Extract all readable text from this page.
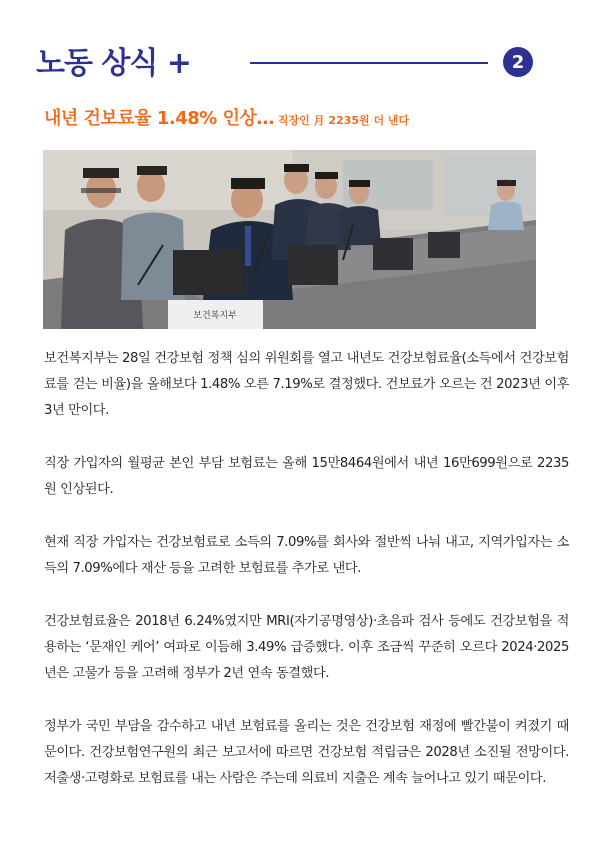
노동 상식 +	2
내년 건보료율 1.48% 인상… 직장인 月 2235원 더 낸다
보건복지부

보건복지부는 28일 건강보험 정책 심의 위원회를 열고 내년도 건강보험료율(소득에서 건강보험료를 걷는 비율)을 올해보다 1.48% 오른 7.19%로 결정했다. 건보료가 오르는 건 2023년 이후 3년 만이다.

직장 가입자의 월평균 본인 부담 보험료는 올해 15만8464원에서 내년 16만699원으로 2235원 인상된다.

현재 직장 가입자는 건강보험료로 소득의 7.09%를 회사와 절반씩 나눠 내고, 지역가입자는 소득의 7.09%에다 재산 등을 고려한 보험료를 추가로 낸다.

건강보험료율은 2018년 6.24%였지만 MRI(자기공명영상)·초음파 검사 등에도 건강보험을 적용하는 ‘문재인 케어’ 여파로 이듬해 3.49% 급증했다. 이후 조금씩 꾸준히 오르다 2024·2025년은 고물가 등을 고려해 정부가 2년 연속 동결했다.

정부가 국민 부담을 감수하고 내년 보험료를 올리는 것은 건강보험 재정에 빨간불이 켜졌기 때문이다. 건강보험연구원의 최근 보고서에 따르면 건강보험 적립금은 2028년 소진될 전망이다. 저출생·고령화로 보험료를 내는 사람은 주는데 의료비 지출은 계속 늘어나고 있기 때문이다.
